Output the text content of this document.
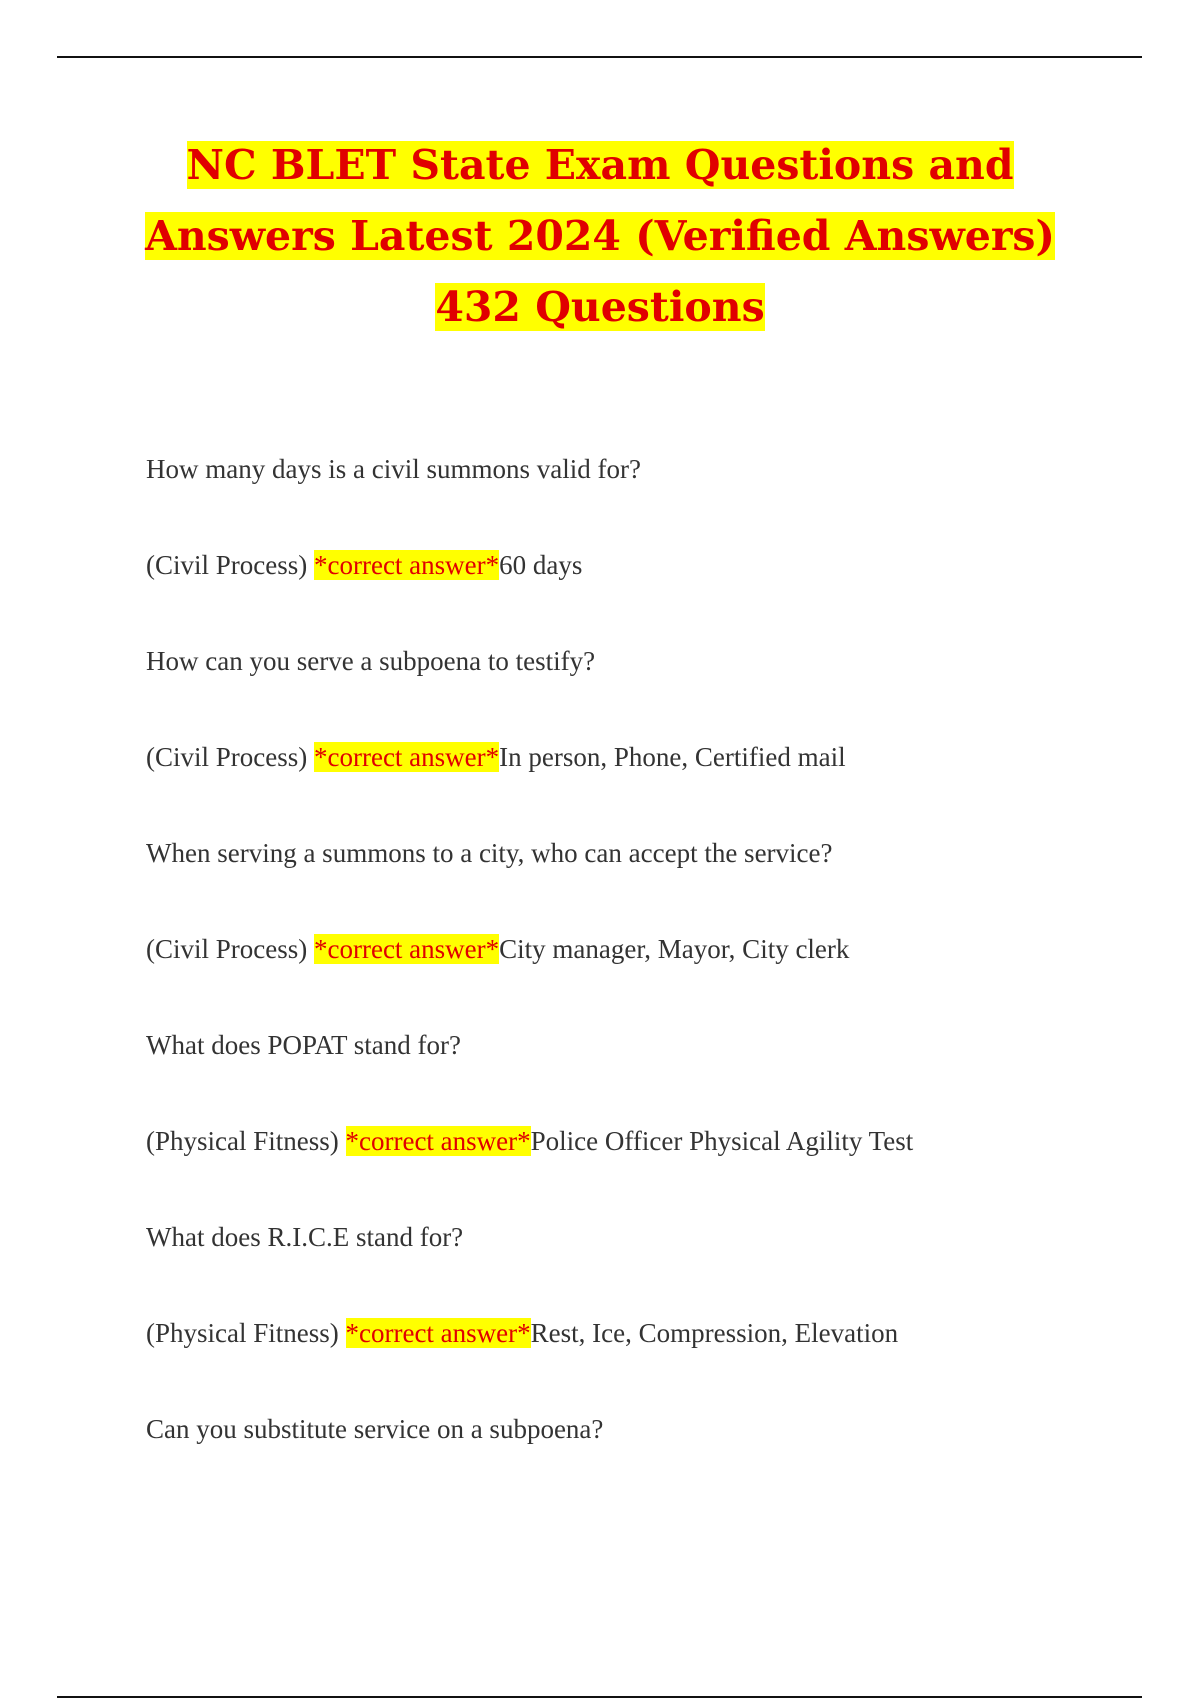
NC BLET State Exam Questions and
Answers Latest 2024 (Verified Answers)
432 Questions

How many days is a civil summons valid for?

(Civil Process) *correct answer*60 days

How can you serve a subpoena to testify?

(Civil Process) *correct answer*In person, Phone, Certified mail

When serving a summons to a city, who can accept the service?

(Civil Process) *correct answer*City manager, Mayor, City clerk

What does POPAT stand for?

(Physical Fitness) *correct answer*Police Officer Physical Agility Test

What does R.I.C.E stand for?

(Physical Fitness) *correct answer*Rest, Ice, Compression, Elevation

Can you substitute service on a subpoena?
